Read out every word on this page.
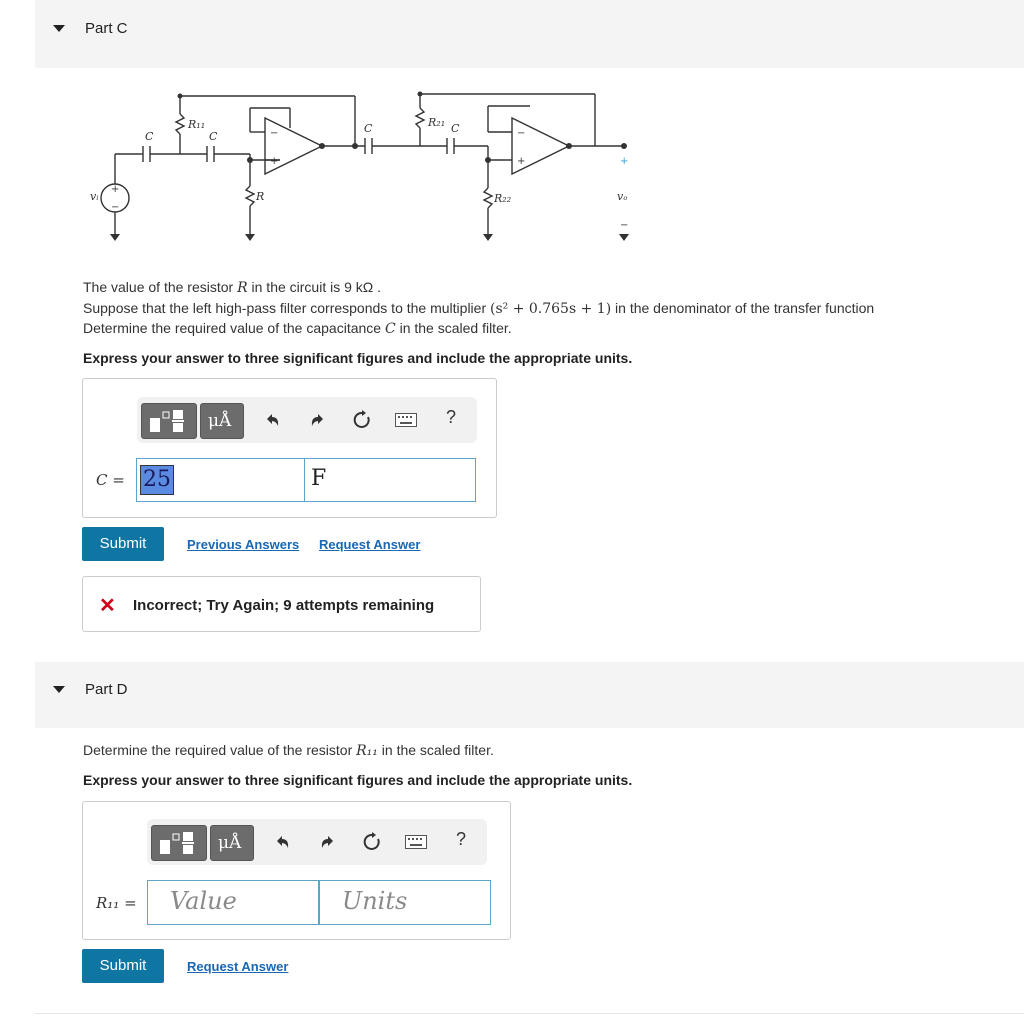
Part C
C
R₁₁
C
R
C	R₂₁ C
R₂₂
vᵢ	vₒ
+
−
−
+
−
+	+
−
The value of the resistor R in the circuit is 9 kΩ .
Suppose that the left high-pass filter corresponds to the multiplier (s² + 0.765s + 1) in the denominator of the transfer function
Determine the required value of the capacitance C in the scaled filter.
Express your answer to three significant figures and include the appropriate units.
μÅ	?
C = 25	F
Submit	Previous Answers Request Answer
✕ Incorrect; Try Again; 9 attempts remaining
Part D
Determine the required value of the resistor R₁₁ in the scaled filter.
Express your answer to three significant figures and include the appropriate units.
μÅ	?
R₁₁ = Value	Units
Submit	Request Answer
